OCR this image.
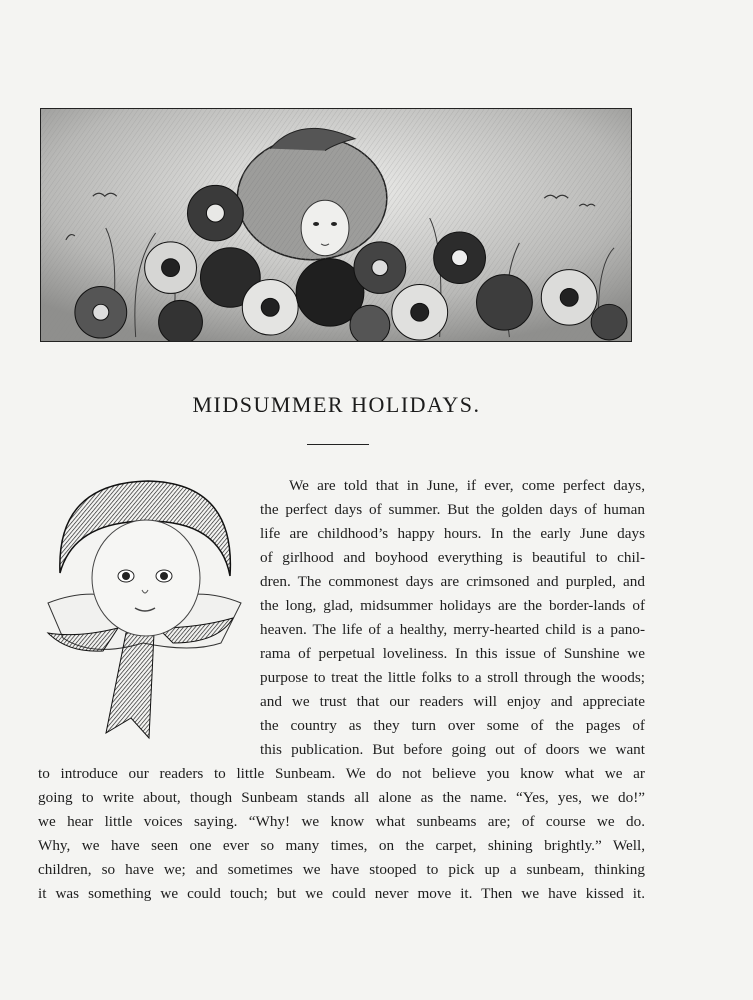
MIDSUMMER HOLIDAYS.
We are told that in June, if ever, come perfect days,
the perfect days of summer. But the golden days of human
life are childhood’s happy hours. In the early June days
of girlhood and boyhood everything is beautiful to chil-
dren. The commonest days are crimsoned and purpled, and
the long, glad, midsummer holidays are the border-lands of
heaven. The life of a healthy, merry-hearted child is a pano-
rama of perpetual loveliness. In this issue of Sunshine we
purpose to treat the little folks to a stroll through the woods;
and we trust that our readers will enjoy and appreciate
the country as they turn over some of the pages of
this publication. But before going out of doors we want
to introduce our readers to little Sunbeam. We do not believe you know what we ar
going to write about, though Sunbeam stands all alone as the name. “Yes, yes, we do!”
we hear little voices saying. “Why! we know what sunbeams are; of course we do.
Why, we have seen one ever so many times, on the carpet, shining brightly.” Well,
children, so have we; and sometimes we have stooped to pick up a sunbeam, thinking
it was something we could touch; but we could never move it. Then we have kissed it.
